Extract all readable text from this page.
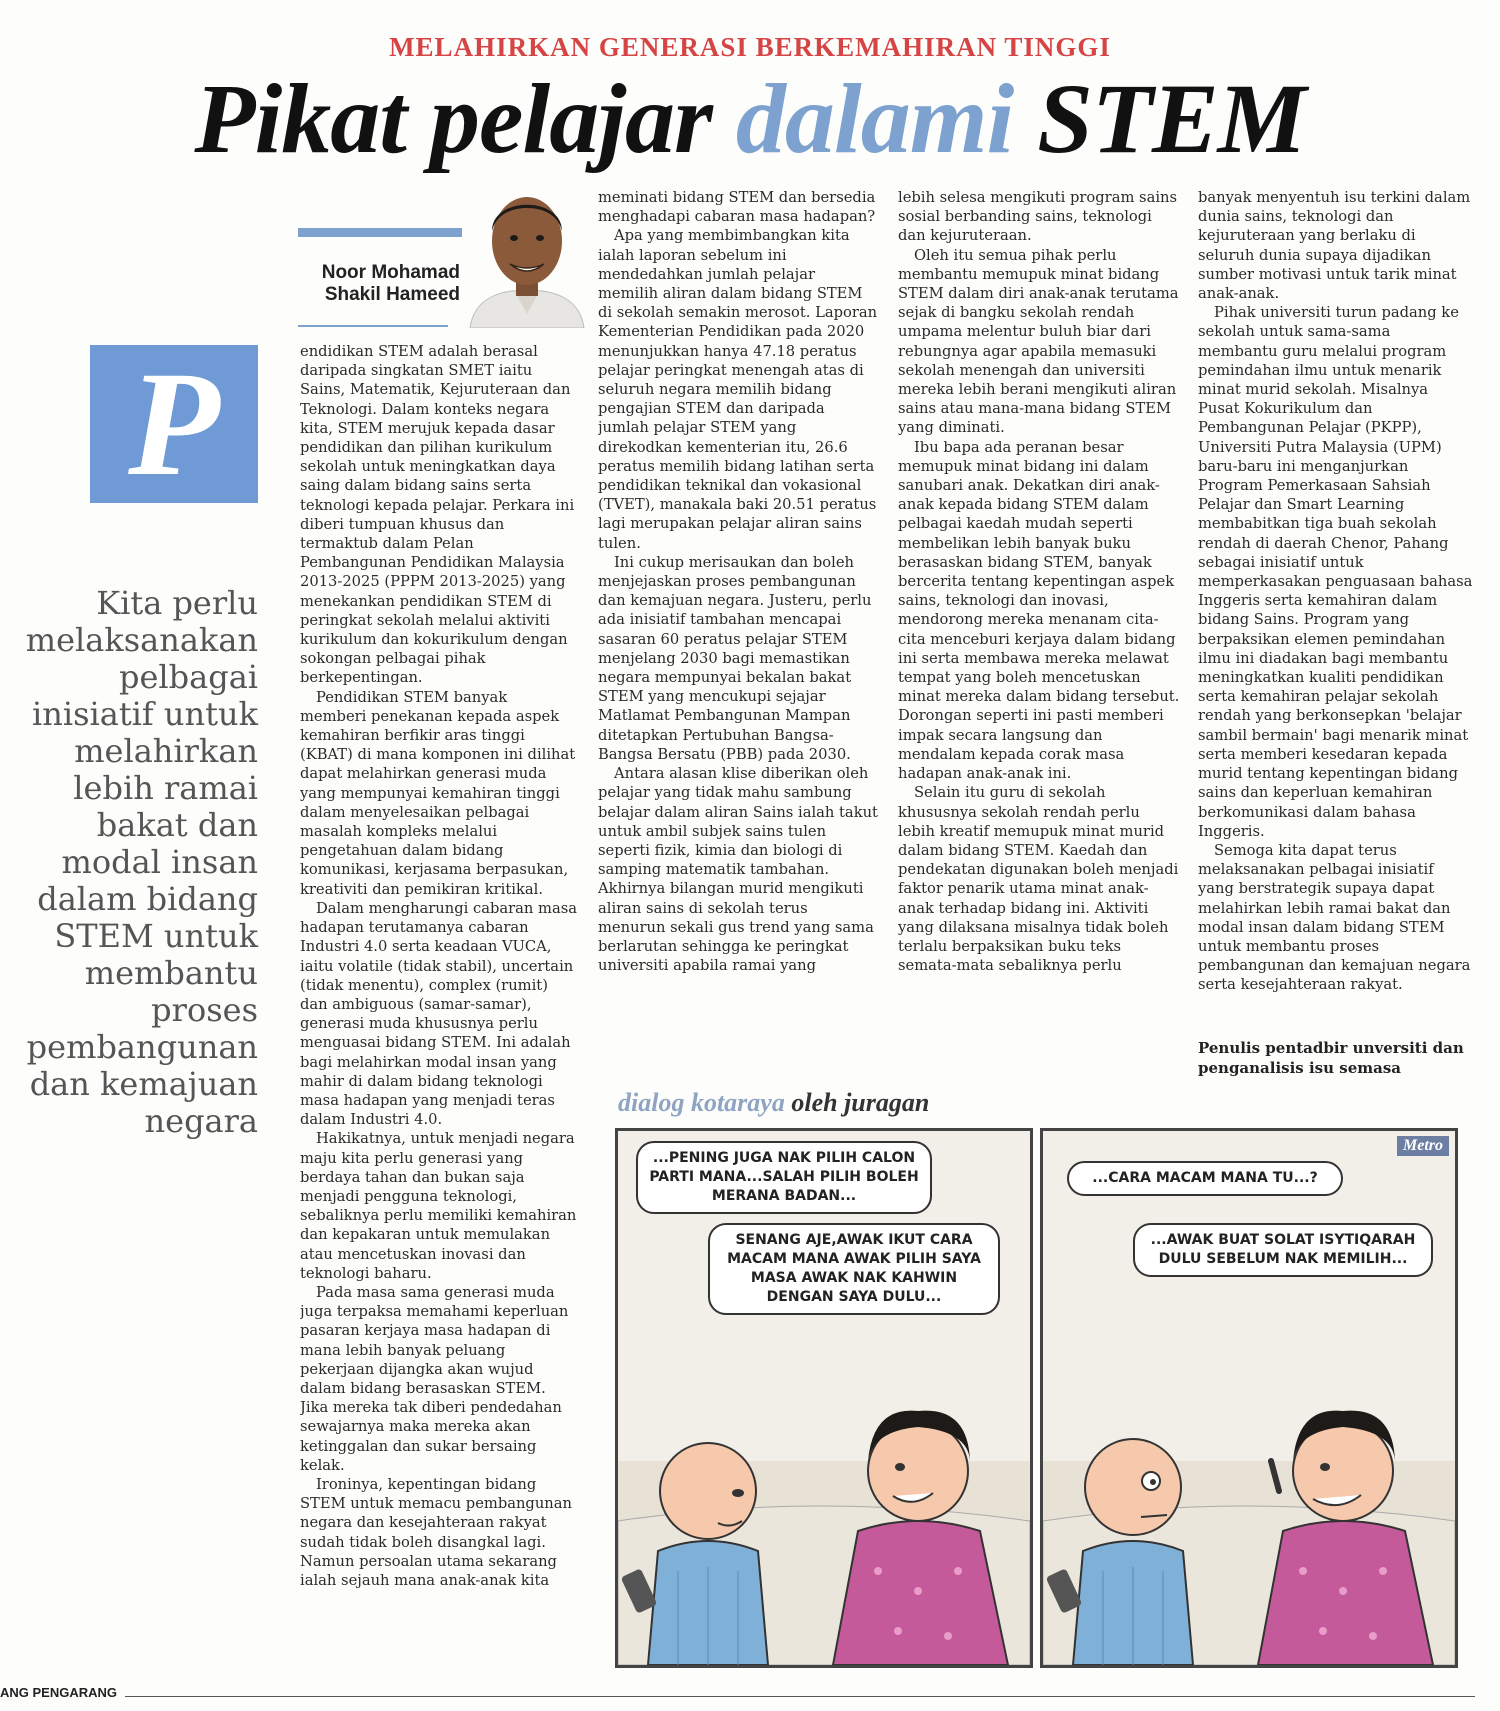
MELAHIRKAN GENERASI BERKEMAHIRAN TINGGI
Pikat pelajar dalami STEM
Noor Mohamad
Shakil Hameed
P
Kita perlu melaksanakan pelbagai inisiatif untuk melahirkan lebih ramai bakat dan modal insan dalam bidang STEM untuk membantu proses pembangunan dan kemajuan negara

endidikan STEM adalah berasal daripada singkatan SMET iaitu Sains, Matematik, Kejuruteraan dan Teknologi. Dalam konteks negara kita, STEM merujuk kepada dasar pendidikan dan pilihan kurikulum sekolah untuk meningkatkan daya saing dalam bidang sains serta teknologi kepada pelajar. Perkara ini diberi tumpuan khusus dan termaktub dalam Pelan Pembangunan Pendidikan Malaysia 2013-2025 (PPPM 2013-2025) yang menekankan pendidikan STEM di peringkat sekolah melalui aktiviti kurikulum dan kokurikulum dengan sokongan pelbagai pihak berkepentingan.

Pendidikan STEM banyak memberi penekanan kepada aspek kemahiran berfikir aras tinggi (KBAT) di mana komponen ini dilihat dapat melahirkan generasi muda yang mempunyai kemahiran tinggi dalam menyelesaikan pelbagai masalah kompleks melalui pengetahuan dalam bidang komunikasi, kerjasama berpasukan, kreativiti dan pemikiran kritikal.

Dalam mengharungi cabaran masa hadapan terutamanya cabaran Industri 4.0 serta keadaan VUCA, iaitu volatile (tidak stabil), uncertain (tidak menentu), complex (rumit) dan ambiguous (samar-samar), generasi muda khususnya perlu menguasai bidang STEM. Ini adalah bagi melahirkan modal insan yang mahir di dalam bidang teknologi masa hadapan yang menjadi teras dalam Industri 4.0.

Hakikatnya, untuk menjadi negara maju kita perlu generasi yang berdaya tahan dan bukan saja menjadi pengguna teknologi, sebaliknya perlu memiliki kemahiran dan kepakaran untuk memulakan atau mencetuskan inovasi dan teknologi baharu.

Pada masa sama generasi muda juga terpaksa memahami keperluan pasaran kerjaya masa hadapan di mana lebih banyak peluang pekerjaan dijangka akan wujud dalam bidang berasaskan STEM. Jika mereka tak diberi pendedahan sewajarnya maka mereka akan ketinggalan dan sukar bersaing kelak.

Ironinya, kepentingan bidang STEM untuk memacu pembangunan negara dan kesejahteraan rakyat sudah tidak boleh disangkal lagi. Namun persoalan utama sekarang ialah sejauh mana anak-anak kita

meminati bidang STEM dan bersedia menghadapi cabaran masa hadapan?

Apa yang membimbangkan kita ialah laporan sebelum ini mendedahkan jumlah pelajar memilih aliran dalam bidang STEM di sekolah semakin merosot. Laporan Kementerian Pendidikan pada 2020 menunjukkan hanya 47.18 peratus pelajar peringkat menengah atas di seluruh negara memilih bidang pengajian STEM dan daripada jumlah pelajar STEM yang direkodkan kementerian itu, 26.6 peratus memilih bidang latihan serta pendidikan teknikal dan vokasional (TVET), manakala baki 20.51 peratus lagi merupakan pelajar aliran sains tulen.

Ini cukup merisaukan dan boleh menjejaskan proses pembangunan dan kemajuan negara. Justeru, perlu ada inisiatif tambahan mencapai sasaran 60 peratus pelajar STEM menjelang 2030 bagi memastikan negara mempunyai bekalan bakat STEM yang mencukupi sejajar Matlamat Pembangunan Mampan ditetapkan Pertubuhan Bangsa-Bangsa Bersatu (PBB) pada 2030.

Antara alasan klise diberikan oleh pelajar yang tidak mahu sambung belajar dalam aliran Sains ialah takut untuk ambil subjek sains tulen seperti fizik, kimia dan biologi di samping matematik tambahan. Akhirnya bilangan murid mengikuti aliran sains di sekolah terus menurun sekali gus trend yang sama berlarutan sehingga ke peringkat universiti apabila ramai yang

lebih selesa mengikuti program sains sosial berbanding sains, teknologi dan kejuruteraan.

Oleh itu semua pihak perlu membantu memupuk minat bidang STEM dalam diri anak-anak terutama sejak di bangku sekolah rendah umpama melentur buluh biar dari rebungnya agar apabila memasuki sekolah menengah dan universiti mereka lebih berani mengikuti aliran sains atau mana-mana bidang STEM yang diminati.

Ibu bapa ada peranan besar memupuk minat bidang ini dalam sanubari anak. Dekatkan diri anak-anak kepada bidang STEM dalam pelbagai kaedah mudah seperti membelikan lebih banyak buku berasaskan bidang STEM, banyak bercerita tentang kepentingan aspek sains, teknologi dan inovasi, mendorong mereka menanam cita-cita menceburi kerjaya dalam bidang ini serta membawa mereka melawat tempat yang boleh mencetuskan minat mereka dalam bidang tersebut. Dorongan seperti ini pasti memberi impak secara langsung dan mendalam kepada corak masa hadapan anak-anak ini.

Selain itu guru di sekolah khususnya sekolah rendah perlu lebih kreatif memupuk minat murid dalam bidang STEM. Kaedah dan pendekatan digunakan boleh menjadi faktor penarik utama minat anak-anak terhadap bidang ini. Aktiviti yang dilaksana misalnya tidak boleh terlalu berpaksikan buku teks semata-mata sebaliknya perlu

banyak menyentuh isu terkini dalam dunia sains, teknologi dan kejuruteraan yang berlaku di seluruh dunia supaya dijadikan sumber motivasi untuk tarik minat anak-anak.

Pihak universiti turun padang ke sekolah untuk sama-sama membantu guru melalui program pemindahan ilmu untuk menarik minat murid sekolah. Misalnya Pusat Kokurikulum dan Pembangunan Pelajar (PKPP), Universiti Putra Malaysia (UPM) baru-baru ini menganjurkan Program Pemerkasaan Sahsiah Pelajar dan Smart Learning membabitkan tiga buah sekolah rendah di daerah Chenor, Pahang sebagai inisiatif untuk memperkasakan penguasaan bahasa Inggeris serta kemahiran dalam bidang Sains. Program yang berpaksikan elemen pemindahan ilmu ini diadakan bagi membantu meningkatkan kualiti pendidikan serta kemahiran pelajar sekolah rendah yang berkonsepkan 'belajar sambil bermain' bagi menarik minat serta memberi kesedaran kepada murid tentang kepentingan bidang sains dan keperluan kemahiran berkomunikasi dalam bahasa Inggeris.

Semoga kita dapat terus melaksanakan pelbagai inisiatif yang berstrategik supaya dapat melahirkan lebih ramai bakat dan modal insan dalam bidang STEM untuk membantu proses pembangunan dan kemajuan negara serta kesejahteraan rakyat.

Penulis pentadbir unversiti dan penganalisis isu semasa
dialog kotaraya oleh juragan
...PENING JUGA NAK PILIH CALON PARTI MANA...SALAH PILIH BOLEH MERANA BADAN...
SENANG AJE,AWAK IKUT CARA MACAM MANA AWAK PILIH SAYA MASA AWAK NAK KAHWIN DENGAN SAYA DULU...
Metro
...CARA MACAM MANA TU...?
...AWAK BUAT SOLAT ISYTIQARAH DULU SEBELUM NAK MEMILIH...
ANG PENGARANG
